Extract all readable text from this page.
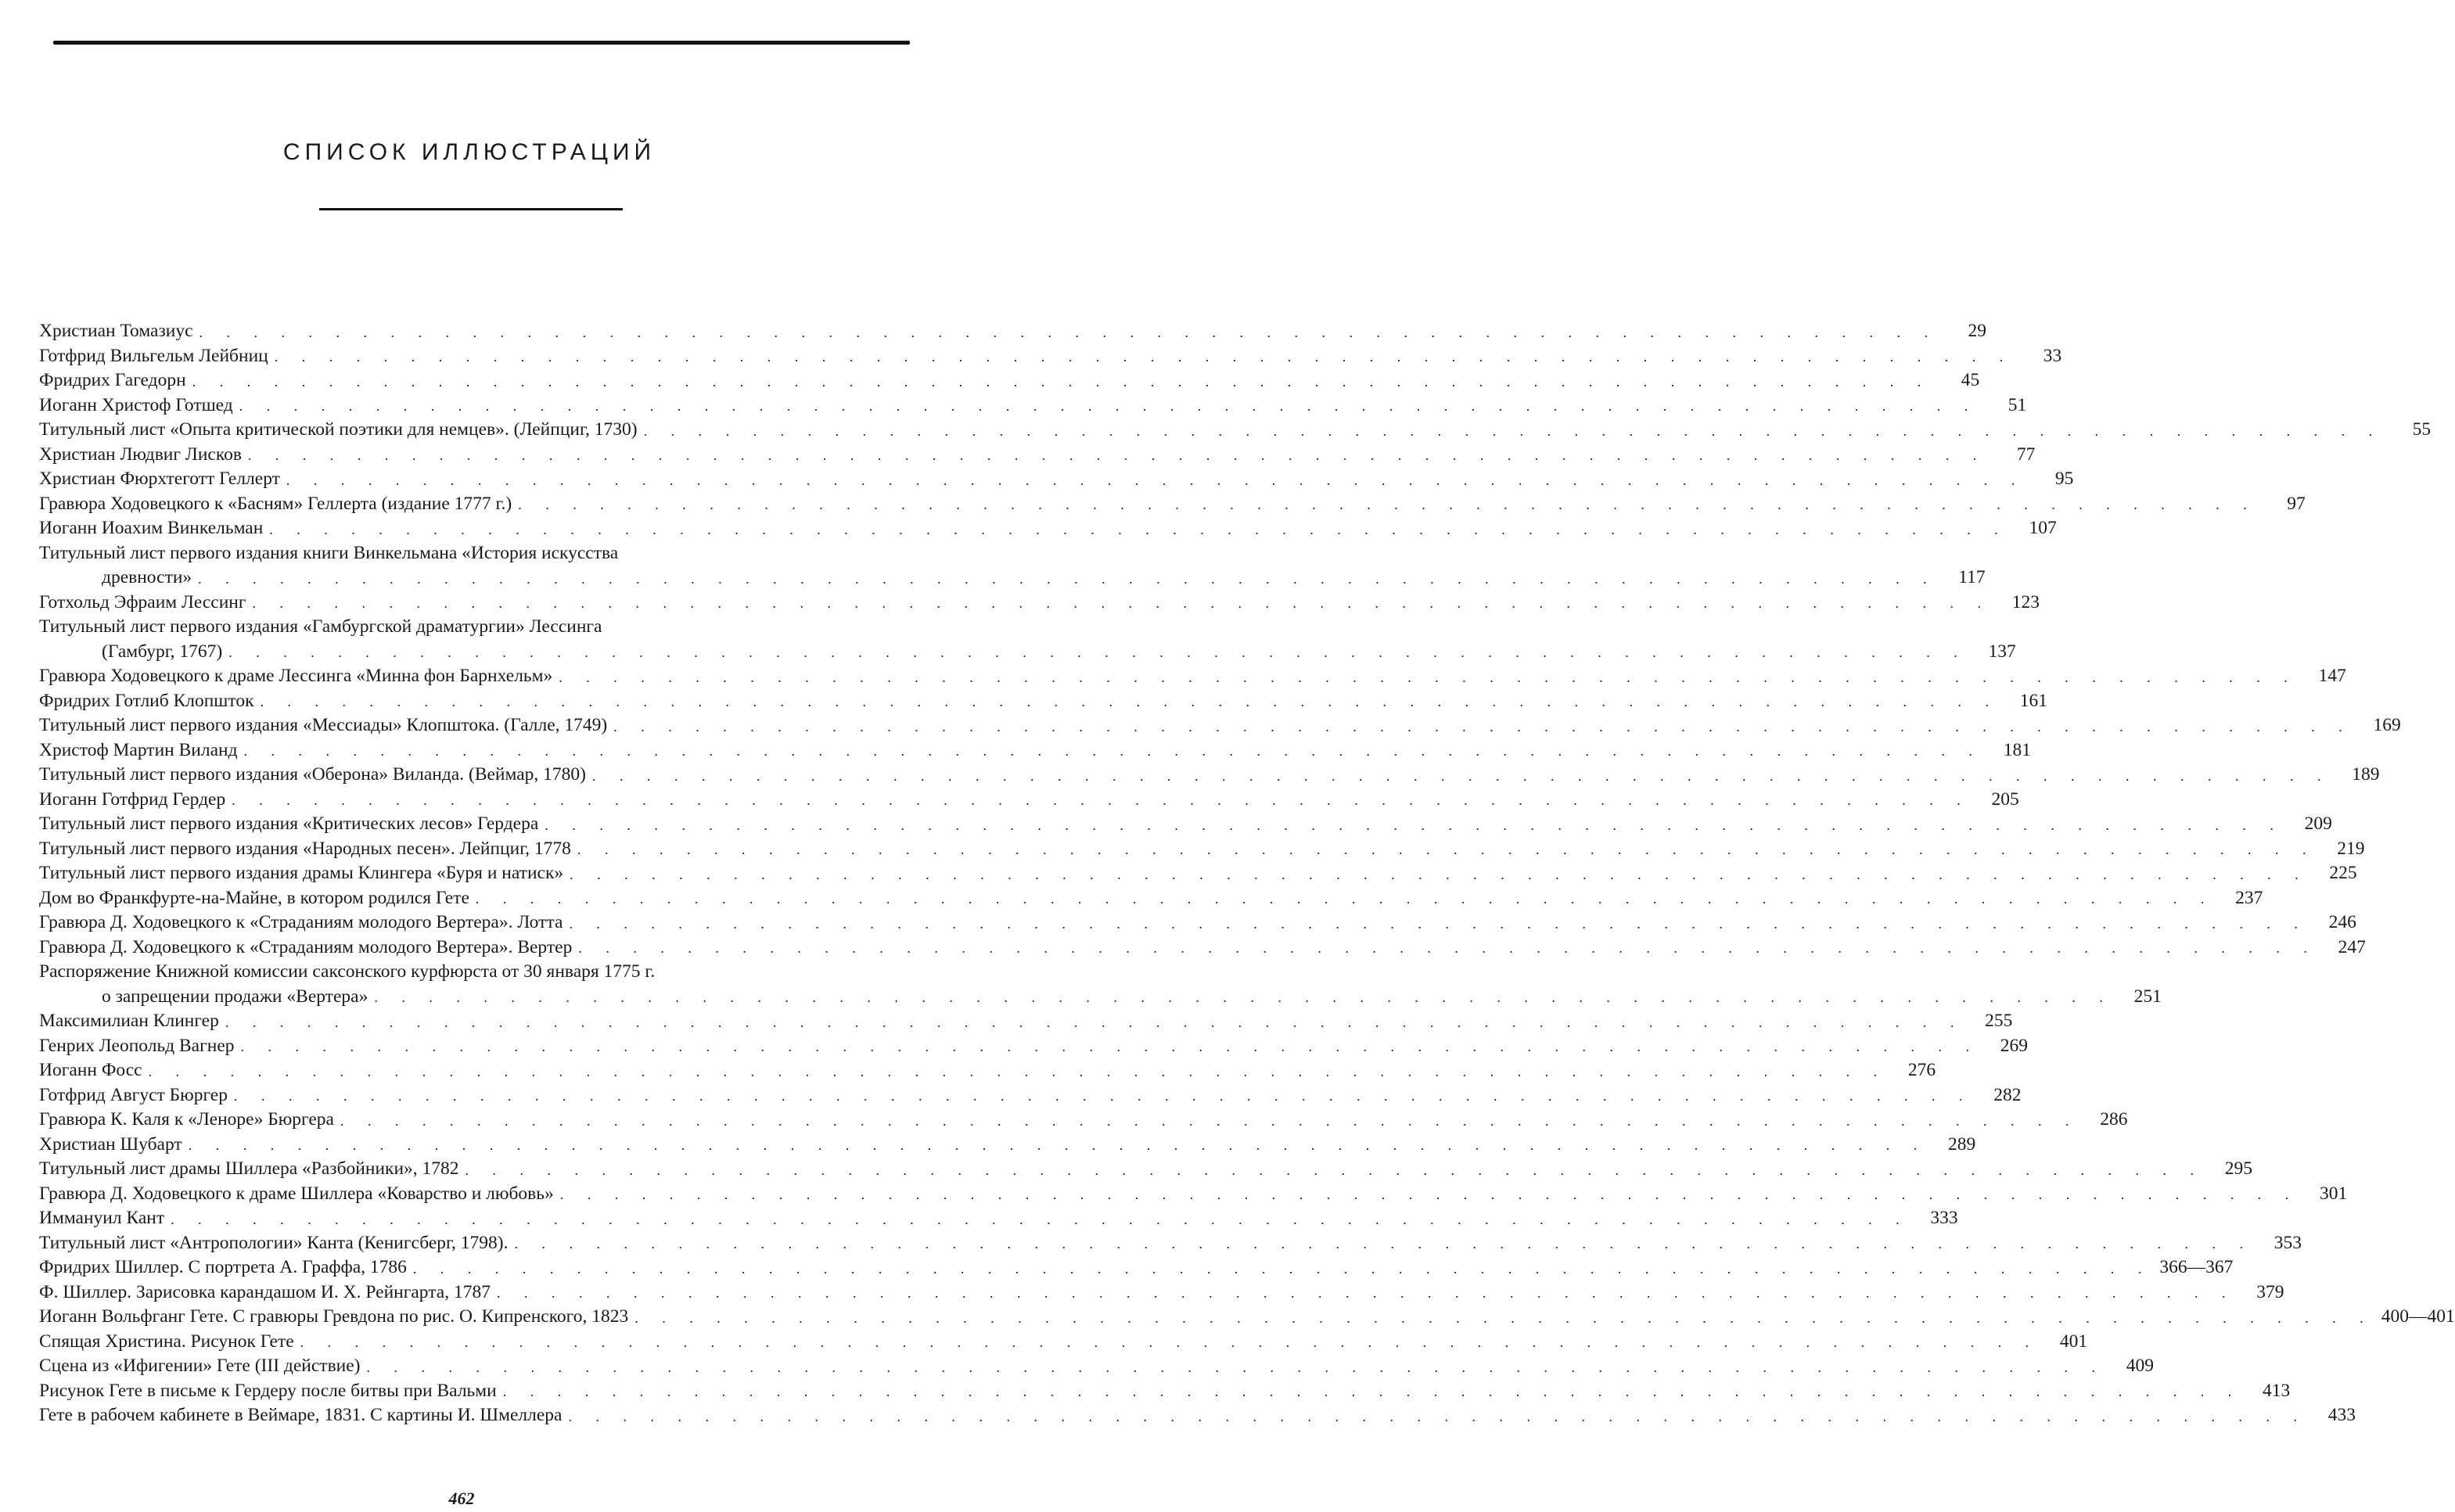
СПИСОК ИЛЛЮСТРАЦИЙ
Христиан Томазиус . . . . . . . . . . . . . . . . . . . . . . . . . . . . . . . . . . . . . . . . . . . . . . . . . . . . . . . . . . . . . . . .	29
Готфрид Вильгельм Лейбниц . . . . . . . . . . . . . . . . . . . . . . . . . . . . . . . . . . . . . . . . . . . . . . . . . . . . . . . . . . . . . . . .	33
Фридрих Гагедорн . . . . . . . . . . . . . . . . . . . . . . . . . . . . . . . . . . . . . . . . . . . . . . . . . . . . . . . . . . . . . . . .	45
Иоганн Христоф Готшед . . . . . . . . . . . . . . . . . . . . . . . . . . . . . . . . . . . . . . . . . . . . . . . . . . . . . . . . . . . . . . . .	51
Титульный лист «Опыта критической поэтики для немцев». (Лейпциг, 1730) . . . . . . . . . . . . . . . . . . . . . . . . . . . . . . . . . . . . . . . . . . . . . . . . . . . . . . . . . . . . . . . .	55
Христиан Людвиг Лисков . . . . . . . . . . . . . . . . . . . . . . . . . . . . . . . . . . . . . . . . . . . . . . . . . . . . . . . . . . . . . . . .	77
Христиан Фюрхтеготт Геллерт . . . . . . . . . . . . . . . . . . . . . . . . . . . . . . . . . . . . . . . . . . . . . . . . . . . . . . . . . . . . . . . .	95
Гравюра Ходовецкого к «Басням» Геллерта (издание 1777 г.) . . . . . . . . . . . . . . . . . . . . . . . . . . . . . . . . . . . . . . . . . . . . . . . . . . . . . . . . . . . . . . . .	97
Иоганн Иоахим Винкельман . . . . . . . . . . . . . . . . . . . . . . . . . . . . . . . . . . . . . . . . . . . . . . . . . . . . . . . . . . . . . . . .	107
Титульный лист первого издания книги Винкельмана «История искусства
древности» . . . . . . . . . . . . . . . . . . . . . . . . . . . . . . . . . . . . . . . . . . . . . . . . . . . . . . . . . . . . . . . .	117
Готхольд Эфраим Лессинг . . . . . . . . . . . . . . . . . . . . . . . . . . . . . . . . . . . . . . . . . . . . . . . . . . . . . . . . . . . . . . . .	123
Титульный лист первого издания «Гамбургской драматургии» Лессинга
(Гамбург, 1767) . . . . . . . . . . . . . . . . . . . . . . . . . . . . . . . . . . . . . . . . . . . . . . . . . . . . . . . . . . . . . . . .	137
Гравюра Ходовецкого к драме Лессинга «Минна фон Барнхельм» . . . . . . . . . . . . . . . . . . . . . . . . . . . . . . . . . . . . . . . . . . . . . . . . . . . . . . . . . . . . . . . .	147
Фридрих Готлиб Клопшток . . . . . . . . . . . . . . . . . . . . . . . . . . . . . . . . . . . . . . . . . . . . . . . . . . . . . . . . . . . . . . . .	161
Титульный лист первого издания «Мессиады» Клопштока. (Галле, 1749) . . . . . . . . . . . . . . . . . . . . . . . . . . . . . . . . . . . . . . . . . . . . . . . . . . . . . . . . . . . . . . . .	169
Христоф Мартин Виланд . . . . . . . . . . . . . . . . . . . . . . . . . . . . . . . . . . . . . . . . . . . . . . . . . . . . . . . . . . . . . . . .	181
Титульный лист первого издания «Оберона» Виланда. (Веймар, 1780) . . . . . . . . . . . . . . . . . . . . . . . . . . . . . . . . . . . . . . . . . . . . . . . . . . . . . . . . . . . . . . . .	189
Иоганн Готфрид Гердер . . . . . . . . . . . . . . . . . . . . . . . . . . . . . . . . . . . . . . . . . . . . . . . . . . . . . . . . . . . . . . . .	205
Титульный лист первого издания «Критических лесов» Гердера . . . . . . . . . . . . . . . . . . . . . . . . . . . . . . . . . . . . . . . . . . . . . . . . . . . . . . . . . . . . . . . .	209
Титульный лист первого издания «Народных песен». Лейпциг, 1778 . . . . . . . . . . . . . . . . . . . . . . . . . . . . . . . . . . . . . . . . . . . . . . . . . . . . . . . . . . . . . . . .	219
Титульный лист первого издания драмы Клингера «Буря и натиск» . . . . . . . . . . . . . . . . . . . . . . . . . . . . . . . . . . . . . . . . . . . . . . . . . . . . . . . . . . . . . . . .	225
Дом во Франкфурте-на-Майне, в котором родился Гете . . . . . . . . . . . . . . . . . . . . . . . . . . . . . . . . . . . . . . . . . . . . . . . . . . . . . . . . . . . . . . . .	237
Гравюра Д. Ходовецкого к «Страданиям молодого Вертера». Лотта . . . . . . . . . . . . . . . . . . . . . . . . . . . . . . . . . . . . . . . . . . . . . . . . . . . . . . . . . . . . . . . .	246
Гравюра Д. Ходовецкого к «Страданиям молодого Вертера». Вертер . . . . . . . . . . . . . . . . . . . . . . . . . . . . . . . . . . . . . . . . . . . . . . . . . . . . . . . . . . . . . . . .	247
Распоряжение Книжной комиссии саксонского курфюрста от 30 января 1775 г.
о запрещении продажи «Вертера» . . . . . . . . . . . . . . . . . . . . . . . . . . . . . . . . . . . . . . . . . . . . . . . . . . . . . . . . . . . . . . . .	251
Максимилиан Клингер . . . . . . . . . . . . . . . . . . . . . . . . . . . . . . . . . . . . . . . . . . . . . . . . . . . . . . . . . . . . . . . .	255
Генрих Леопольд Вагнер . . . . . . . . . . . . . . . . . . . . . . . . . . . . . . . . . . . . . . . . . . . . . . . . . . . . . . . . . . . . . . . .	269
Иоганн Фосс . . . . . . . . . . . . . . . . . . . . . . . . . . . . . . . . . . . . . . . . . . . . . . . . . . . . . . . . . . . . . . . .	276
Готфрид Август Бюргер . . . . . . . . . . . . . . . . . . . . . . . . . . . . . . . . . . . . . . . . . . . . . . . . . . . . . . . . . . . . . . . .	282
Гравюра К. Каля к «Леноре» Бюргера . . . . . . . . . . . . . . . . . . . . . . . . . . . . . . . . . . . . . . . . . . . . . . . . . . . . . . . . . . . . . . . .	286
Христиан Шубарт . . . . . . . . . . . . . . . . . . . . . . . . . . . . . . . . . . . . . . . . . . . . . . . . . . . . . . . . . . . . . . . .	289
Титульный лист драмы Шиллера «Разбойники», 1782 . . . . . . . . . . . . . . . . . . . . . . . . . . . . . . . . . . . . . . . . . . . . . . . . . . . . . . . . . . . . . . . .	295
Гравюра Д. Ходовецкого к драме Шиллера «Коварство и любовь» . . . . . . . . . . . . . . . . . . . . . . . . . . . . . . . . . . . . . . . . . . . . . . . . . . . . . . . . . . . . . . . .	301
Иммануил Кант . . . . . . . . . . . . . . . . . . . . . . . . . . . . . . . . . . . . . . . . . . . . . . . . . . . . . . . . . . . . . . . .	333
Титульный лист «Антропологии» Канта (Кенигсберг, 1798). . . . . . . . . . . . . . . . . . . . . . . . . . . . . . . . . . . . . . . . . . . . . . . . . . . . . . . . . . . . . . . . .	353
Фридрих Шиллер. С портрета А. Граффа, 1786 . . . . . . . . . . . . . . . . . . . . . . . . . . . . . . . . . . . . . . . . . . . . . . . . . . . . . . . . . . . . . . . . 366—367
Ф. Шиллер. Зарисовка карандашом И. Х. Рейнгарта, 1787 . . . . . . . . . . . . . . . . . . . . . . . . . . . . . . . . . . . . . . . . . . . . . . . . . . . . . . . . . . . . . . . .	379
Иоганн Вольфганг Гете. С гравюры Гревдона по рис. О. Кипренского, 1823 . . . . . . . . . . . . . . . . . . . . . . . . . . . . . . . . . . . . . . . . . . . . . . . . . . . . . . . . . . . . . . . . 400—401
Спящая Христина. Рисунок Гете . . . . . . . . . . . . . . . . . . . . . . . . . . . . . . . . . . . . . . . . . . . . . . . . . . . . . . . . . . . . . . . .	401
Сцена из «Ифигении» Гете (III действие) . . . . . . . . . . . . . . . . . . . . . . . . . . . . . . . . . . . . . . . . . . . . . . . . . . . . . . . . . . . . . . . .	409
Рисунок Гете в письме к Гердеру после битвы при Вальми . . . . . . . . . . . . . . . . . . . . . . . . . . . . . . . . . . . . . . . . . . . . . . . . . . . . . . . . . . . . . . . .	413
Гете в рабочем кабинете в Веймаре, 1831. С картины И. Шмеллера . . . . . . . . . . . . . . . . . . . . . . . . . . . . . . . . . . . . . . . . . . . . . . . . . . . . . . . . . . . . . . . .	433
462
